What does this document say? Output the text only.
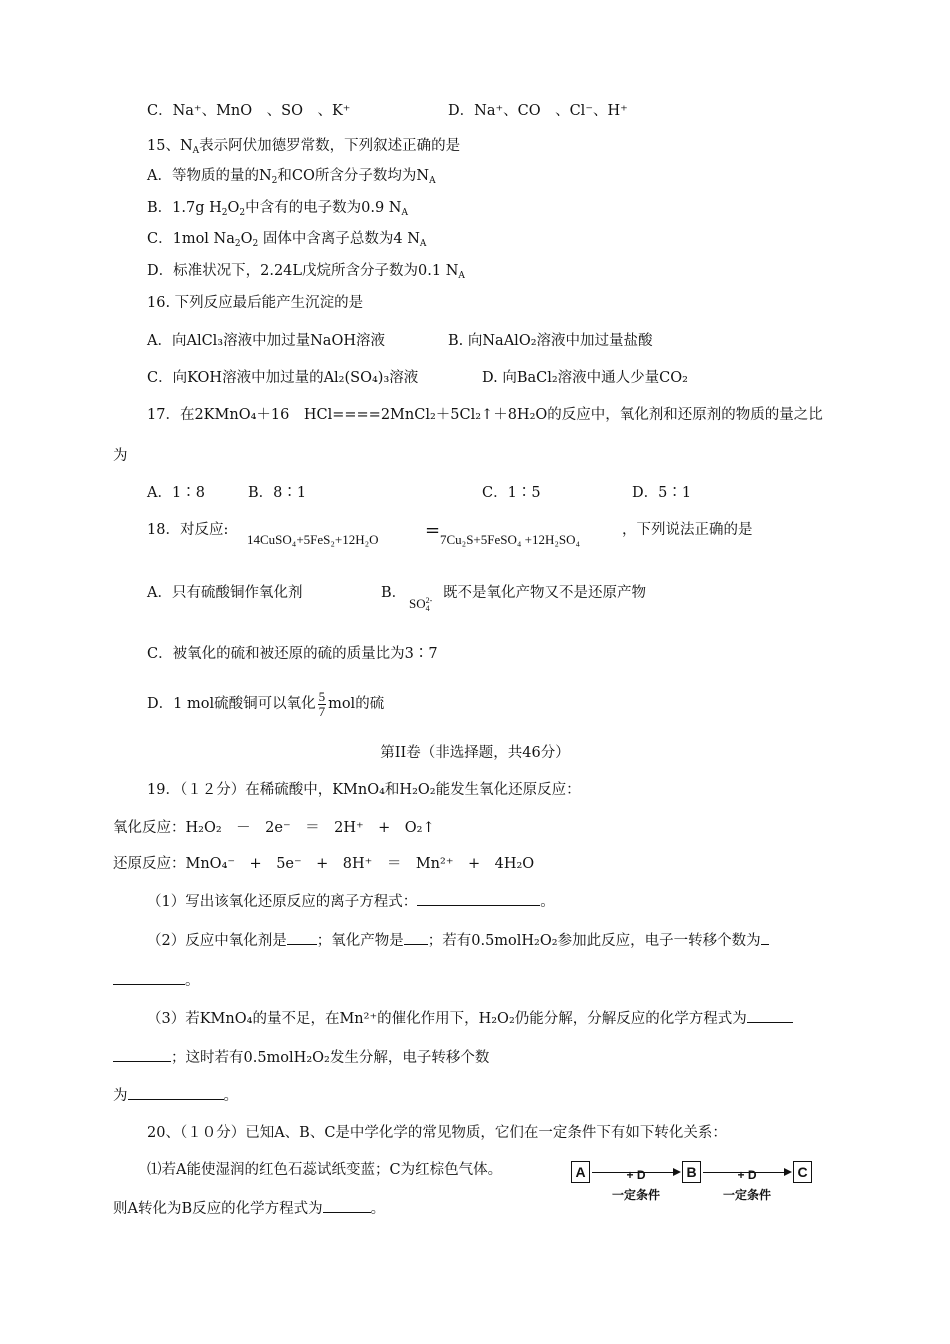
C．Na⁺、MnO　、SO　、K⁺	D．Na⁺、CO　、Cl⁻、H⁺
15、$N_A$表示阿伏加德罗常数，下列叙述正确的是
A．等物质的量的$N_2$和CO所含分子数均为$N_A$
B．1.7g $H_2O_2$中含有的电子数为0.9 $N_A$
C．1mol $Na_2O_2$ 固体中含离子总数为4 $N_A$
D．标准状况下，2.24L戊烷所含分子数为0.1 $N_A$
16. 下列反应最后能产生沉淀的是
A．向AlCl₃溶液中加过量NaOH溶液	B. 向NaAlO₂溶液中加过量盐酸
C．向KOH溶液中加过量的Al₂(SO₄)₃溶液	D. 向BaCl₂溶液中通人少量CO₂
17．在2KMnO₄＋16　HCl====2MnCl₂＋5Cl₂↑＋8H₂O的反应中，氧化剂和还原剂的物质的量之比
为
A．1∶8	B．8∶1	C．1∶5	D．5∶1
18．对反应:
14CuSO₄+5FeS₂+12H₂O	= 7Cu₂S+5FeSO₄ +12H₂SO₄
，下列说法正确的是
A．只有硫酸铜作氧化剂	B．
SO 2-
4
既不是氧化产物又不是还原产物
C．被氧化的硫和被还原的硫的质量比为3∶7
D．1 mol硫酸铜可以氧化 $\frac{5}{7}$ mol的硫
第II卷（非选择题，共46分）
19．（１２分）在稀硫酸中，KMnO₄和H₂O₂能发生氧化还原反应：
氧化反应：H₂O₂　－　2e⁻　＝　2H⁺　+　O₂↑
还原反应：MnO₄⁻　+　5e⁻　+　8H⁺　＝　Mn²⁺　+　4H₂O
（1）写出该氧化还原反应的离子方程式：	。
（2）反应中氧化剂是 ；氧化产物是 ；若有0.5molH₂O₂参加此反应，电子一转移个数为
。
（3）若KMnO₄的量不足，在Mn²⁺的催化作用下，H₂O₂仍能分解，分解反应的化学方程式为
；这时若有0.5molH₂O₂发生分解，电子转移个数
为	。
20、（１０分）已知A、B、C是中学化学的常见物质，它们在一定条件下有如下转化关系：
⑴若A能使湿润的红色石蕊试纸变蓝；C为红棕色气体。	A	+ D
一定条件
B	+ D
一定条件
C
则A转化为B反应的化学方程式为	。
